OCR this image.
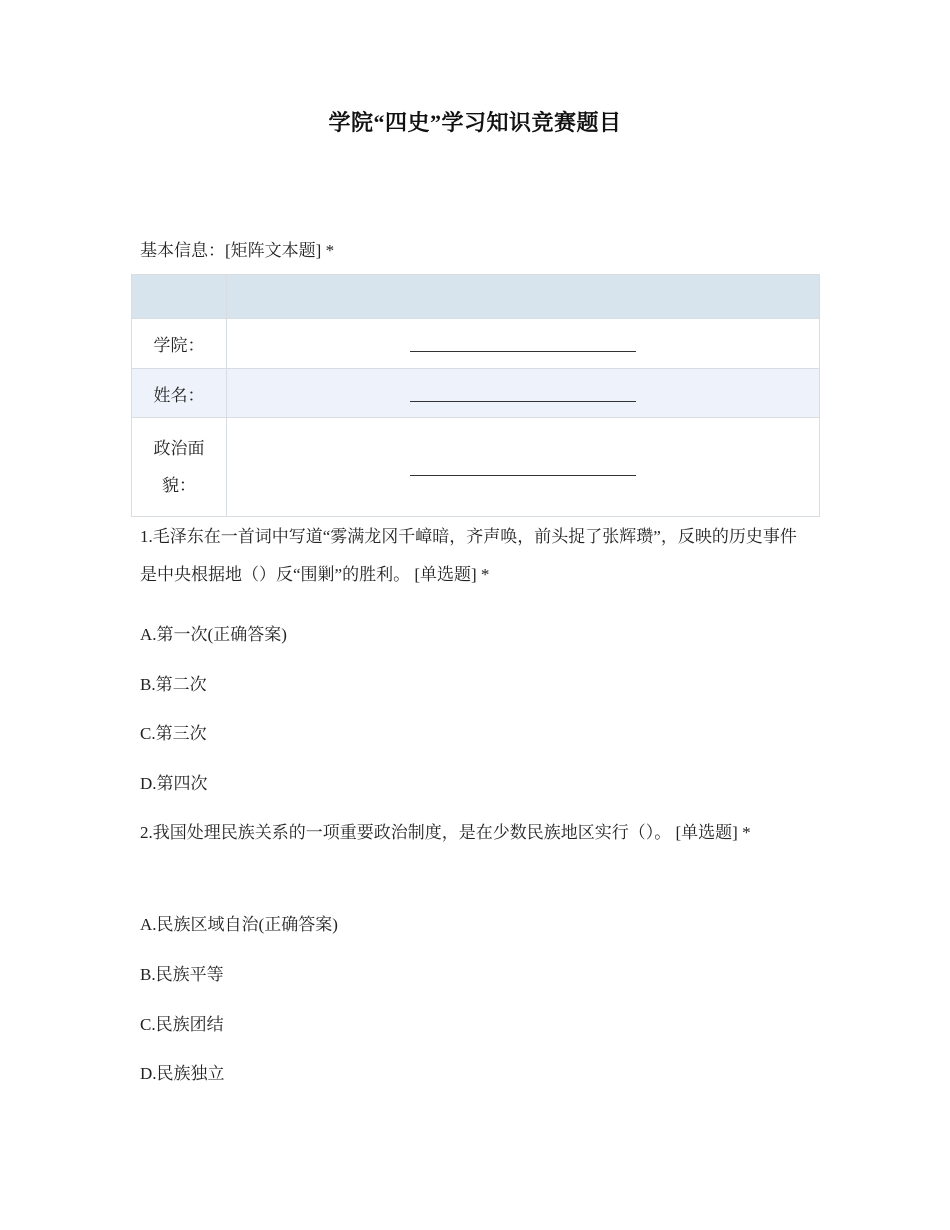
学院“四史”学习知识竞赛题目
基本信息：[矩阵文本题] *

学院：	
姓名：	

政治面
貌：	

1.毛泽东在一首词中写道“雾满龙冈千嶂暗，齐声唤，前头捉了张辉瓒”，反映的历史事件是中央根据地（）反“围剿”的胜利。 [单选题] *
A.第一次(正确答案)
B.第二次
C.第三次
D.第四次
2.我国处理民族关系的一项重要政治制度，是在少数民族地区实行（）。 [单选题] *
A.民族区域自治(正确答案)
B.民族平等
C.民族团结
D.民族独立
